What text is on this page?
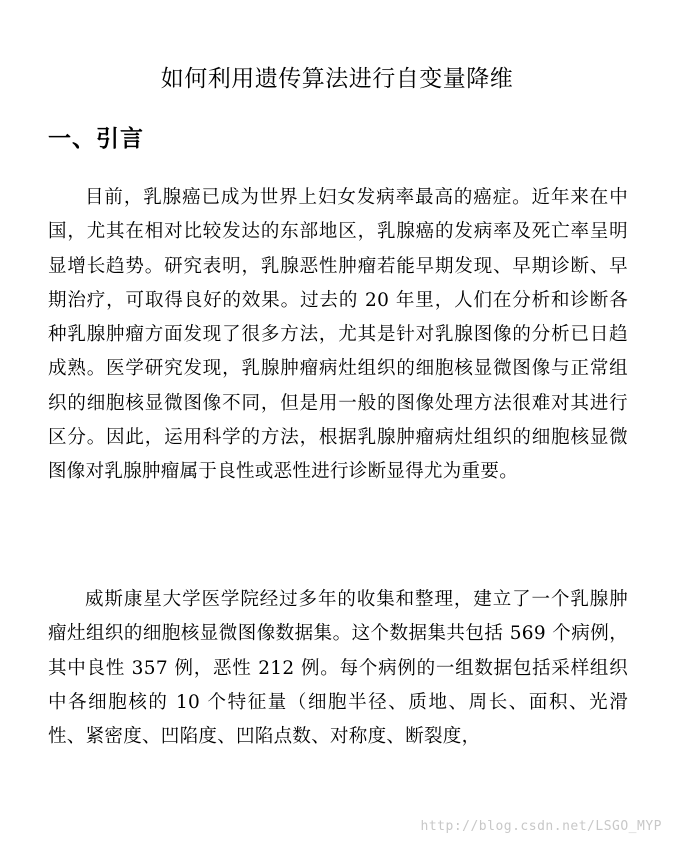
如何利用遗传算法进行自变量降维
一、引言

目前，乳腺癌已成为世界上妇女发病率最高的癌症。近年来在中国，尤其在相对比较发达的东部地区，乳腺癌的发病率及死亡率呈明显增长趋势。研究表明，乳腺恶性肿瘤若能早期发现、早期诊断、早期治疗，可取得良好的效果。过去的 20 年里，人们在分析和诊断各种乳腺肿瘤方面发现了很多方法，尤其是针对乳腺图像的分析已日趋成熟。医学研究发现，乳腺肿瘤病灶组织的细胞核显微图像与正常组织的细胞核显微图像不同，但是用一般的图像处理方法很难对其进行区分。因此，运用科学的方法，根据乳腺肿瘤病灶组织的细胞核显微图像对乳腺肿瘤属于良性或恶性进行诊断显得尤为重要。

威斯康星大学医学院经过多年的收集和整理，建立了一个乳腺肿瘤灶组织的细胞核显微图像数据集。这个数据集共包括 569 个病例，其中良性 357 例，恶性 212 例。每个病例的一组数据包括采样组织中各细胞核的 10 个特征量（细胞半径、质地、周长、面积、光滑性、紧密度、凹陷度、凹陷点数、对称度、断裂度，

http://blog.csdn.net/LSGO_MYP
